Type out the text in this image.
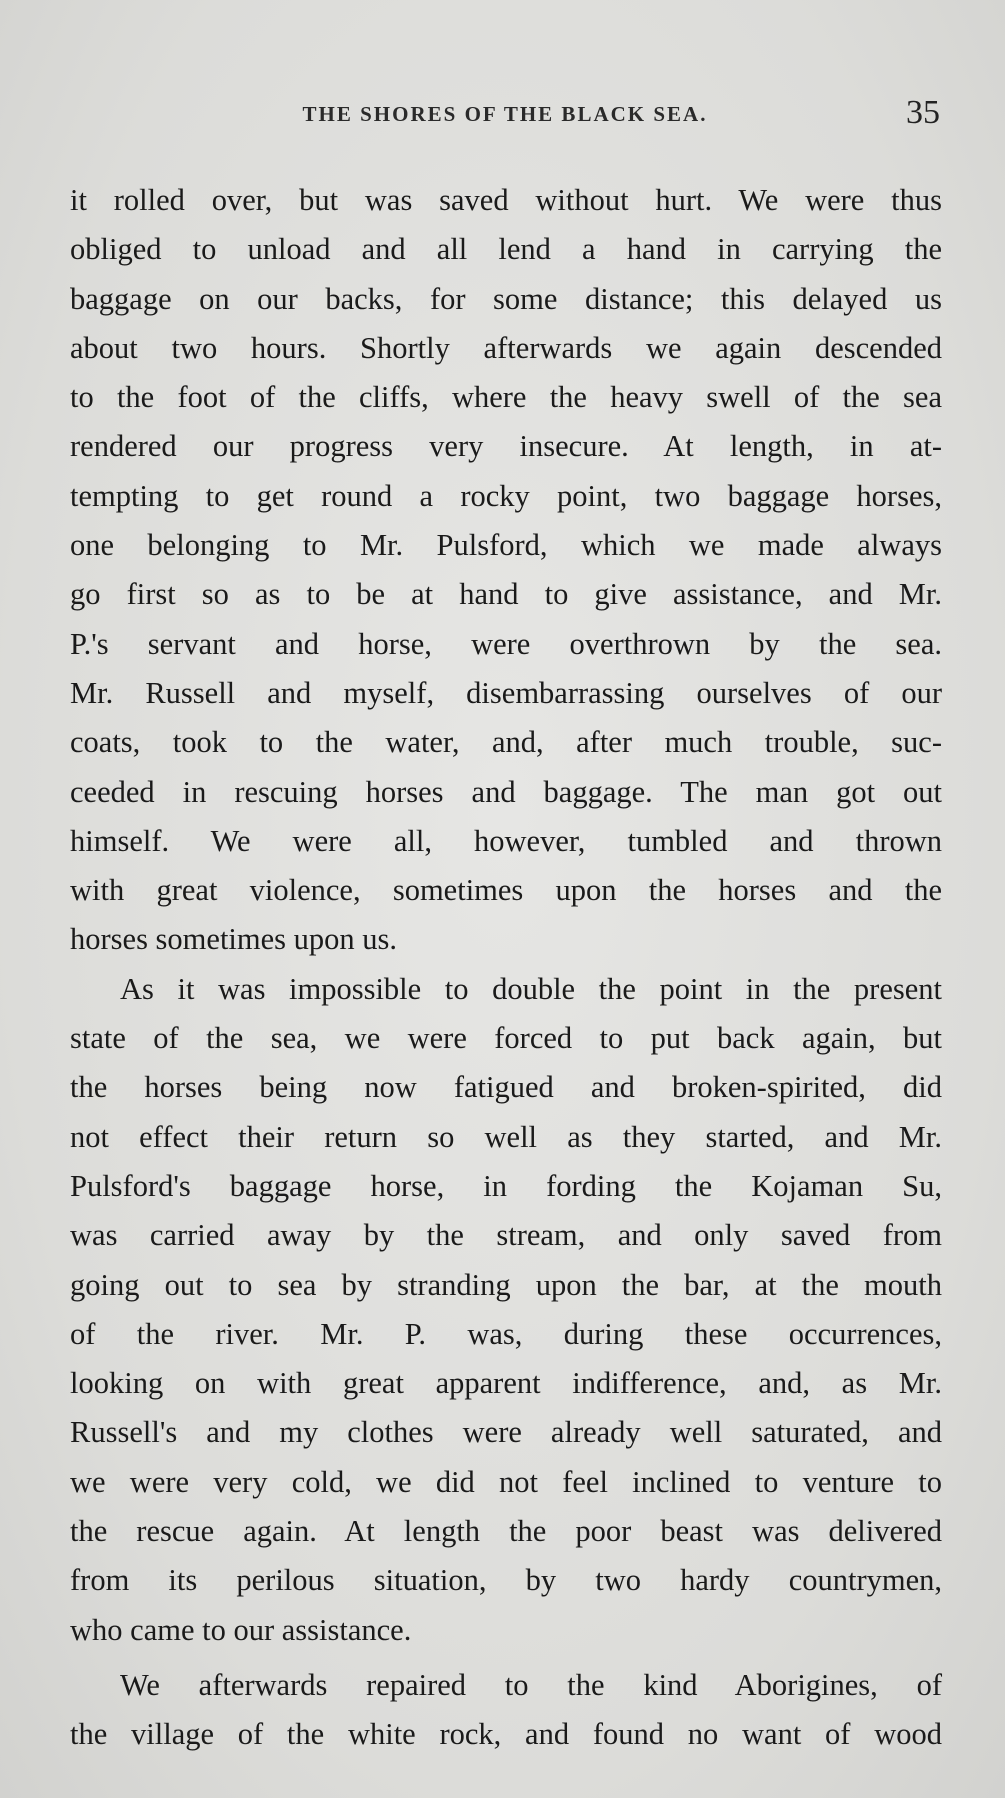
THE SHORES OF THE BLACK SEA.	35
it rolled over, but was saved without hurt. We were thus
obliged to unload and all lend a hand in carrying the
baggage on our backs, for some distance; this delayed us
about two hours. Shortly afterwards we again descended
to the foot of the cliffs, where the heavy swell of the sea
rendered our progress very insecure. At length, in at-
tempting to get round a rocky point, two baggage horses,
one belonging to Mr. Pulsford, which we made always
go first so as to be at hand to give assistance, and Mr.
P.'s servant and horse, were overthrown by the sea.
Mr. Russell and myself, disembarrassing ourselves of our
coats, took to the water, and, after much trouble, suc-
ceeded in rescuing horses and baggage. The man got out
himself. We were all, however, tumbled and thrown
with great violence, sometimes upon the horses and the
horses sometimes upon us.
As it was impossible to double the point in the present
state of the sea, we were forced to put back again, but
the horses being now fatigued and broken-spirited, did
not effect their return so well as they started, and Mr.
Pulsford's baggage horse, in fording the Kojaman Su,
was carried away by the stream, and only saved from
going out to sea by stranding upon the bar, at the mouth
of the river. Mr. P. was, during these occurrences,
looking on with great apparent indifference, and, as Mr.
Russell's and my clothes were already well saturated, and
we were very cold, we did not feel inclined to venture to
the rescue again. At length the poor beast was delivered
from its perilous situation, by two hardy countrymen,
who came to our assistance.
We afterwards repaired to the kind Aborigines, of
the village of the white rock, and found no want of wood
